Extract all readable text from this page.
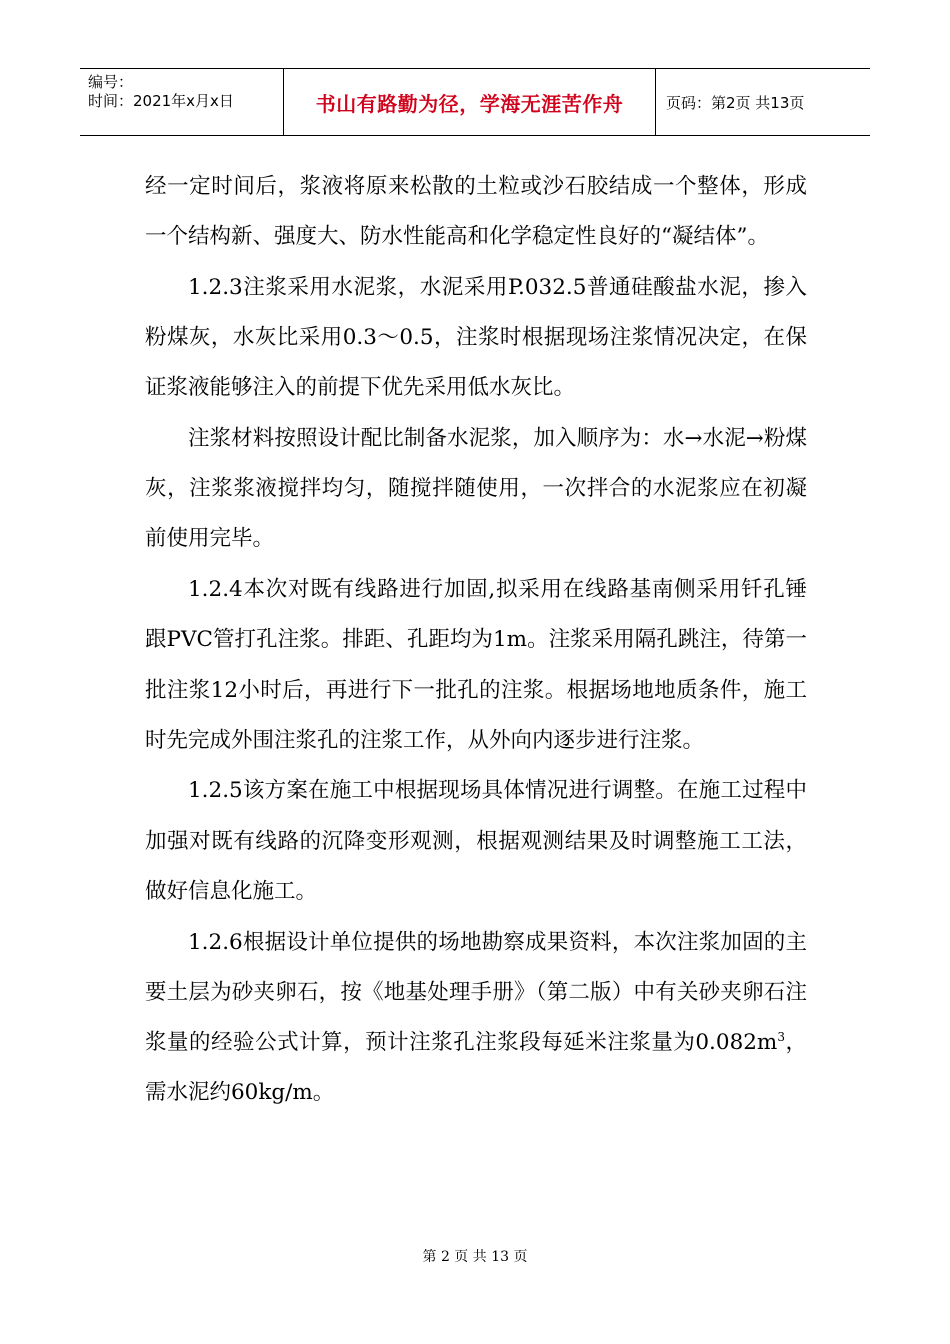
编号：
时间：2021年x月x日	书山有路勤为径，学海无涯苦作舟	页码：第2页 共13页

经一定时间后，浆液将原来松散的土粒或沙石胶结成一个整体，形成一个结构新、强度大、防水性能高和化学稳定性良好的“凝结体”。

1.2.3注浆采用水泥浆，水泥采用P.032.5普通硅酸盐水泥，掺入粉煤灰，水灰比采用0.3～0.5，注浆时根据现场注浆情况决定，在保证浆液能够注入的前提下优先采用低水灰比。

注浆材料按照设计配比制备水泥浆，加入顺序为：水→水泥→粉煤灰，注浆浆液搅拌均匀，随搅拌随使用，一次拌合的水泥浆应在初凝前使用完毕。

1.2.4本次对既有线路进行加固,拟采用在线路基南侧采用钎孔锤跟PVC管打孔注浆。排距、孔距均为1m。注浆采用隔孔跳注，待第一批注浆12小时后，再进行下一批孔的注浆。根据场地地质条件，施工时先完成外围注浆孔的注浆工作，从外向内逐步进行注浆。

1.2.5该方案在施工中根据现场具体情况进行调整。在施工过程中加强对既有线路的沉降变形观测，根据观测结果及时调整施工工法，做好信息化施工。

1.2.6根据设计单位提供的场地勘察成果资料，本次注浆加固的主要土层为砂夹卵石，按《地基处理手册》（第二版）中有关砂夹卵石注浆量的经验公式计算，预计注浆孔注浆段每延米注浆量为$0.082m^3$，需水泥约60kg/m。

第 2 页 共 13 页
